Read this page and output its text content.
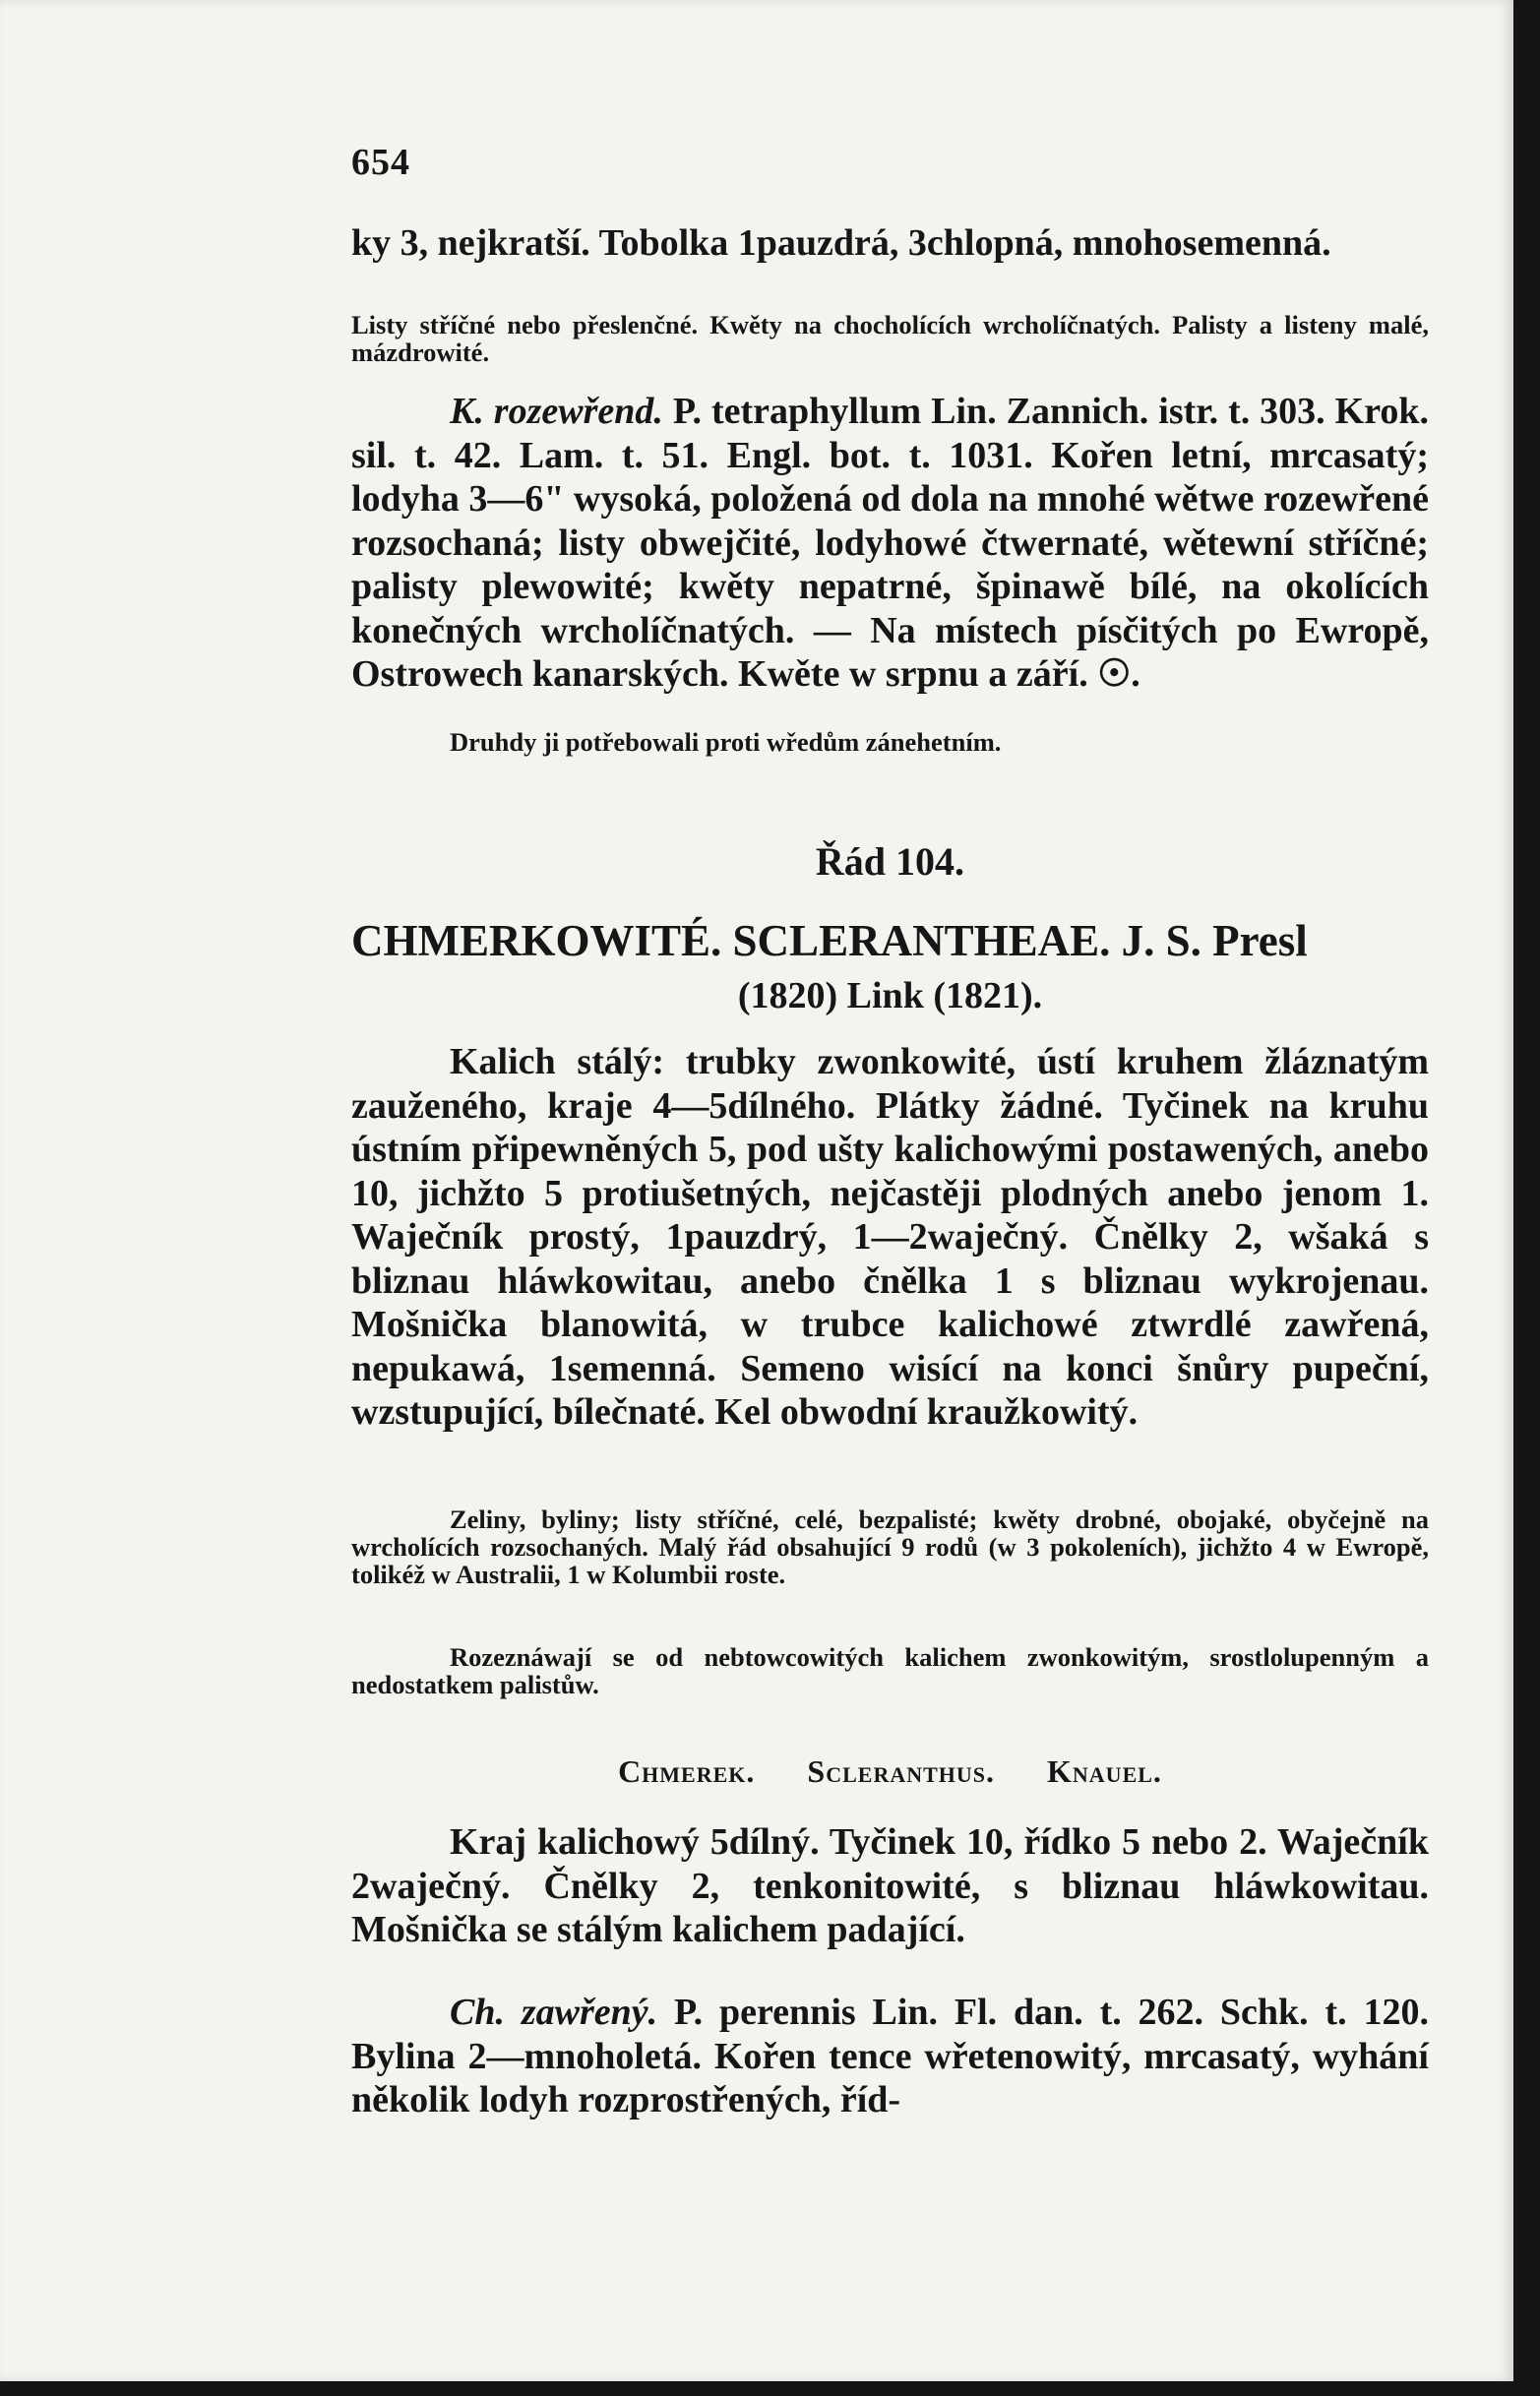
654

ky 3, nejkratší. Tobolka 1pauzdrá, 3chlopná, mnohosemenná.

Listy stříčné nebo přeslenčné. Kwěty na chocholících wrcholíčnatých. Palisty a listeny malé, mázdrowité.

K. rozewřend. P. tetraphyllum Lin. Zannich. istr. t. 303. Krok. sil. t. 42. Lam. t. 51. Engl. bot. t. 1031. Kořen letní, mrcasatý; lodyha 3—6" wysoká, položená od dola na mnohé wětwe rozewřené rozsochaná; listy obwejčité, lodyhowé čtwernaté, wětewní stříčné; palisty plewowité; kwěty nepatrné, špinawě bílé, na okolících konečných wrcholíčnatých. — Na místech písčitých po Ewropě, Ostrowech kanarských. Kwěte w srpnu a září. ☉.

Druhdy ji potřebowali proti wředům zánehetním.

Řád 104.
CHMERKOWITÉ. SCLERANTHEAE. J. S. Presl
(1820) Link (1821).

Kalich stálý: trubky zwonkowité, ústí kruhem žláznatým zauženého, kraje 4—5dílného. Plátky žádné. Tyčinek na kruhu ústním připewněných 5, pod ušty kalichowými postawených, anebo 10, jichžto 5 protiušetných, nejčastěji plodných anebo jenom 1. Waječník prostý, 1pauzdrý, 1—2waječný. Čnělky 2, wšaká s bliznau hláwkowitau, anebo čnělka 1 s bliznau wykrojenau. Mošnička blanowitá, w trubce kalichowé ztwrdlé zawřená, nepukawá, 1semenná. Semeno wisící na konci šnůry pupeční, wzstupující, bílečnaté. Kel obwodní kraužkowitý.

Zeliny, byliny; listy stříčné, celé, bezpalisté; kwěty drobné, obojaké, obyčejně na wrcholících rozsochaných. Malý řád obsahující 9 rodů (w 3 pokoleních), jichžto 4 w Ewropě, tolikéž w Australii, 1 w Kolumbii roste.

Rozeznáwají se od nebtowcowitých kalichem zwonkowitým, srostlolupenným a nedostatkem palistůw.

Chmerek. Scleranthus. Knauel.

Kraj kalichowý 5dílný. Tyčinek 10, řídko 5 nebo 2. Waječník 2waječný. Čnělky 2, tenkonitowité, s bliznau hláwkowitau. Mošnička se stálým kalichem padající.

Ch. zawřený. P. perennis Lin. Fl. dan. t. 262. Schk. t. 120. Bylina 2—mnoholetá. Kořen tence wřetenowitý, mrcasatý, wyhání několik lodyh rozprostřených, říd-
